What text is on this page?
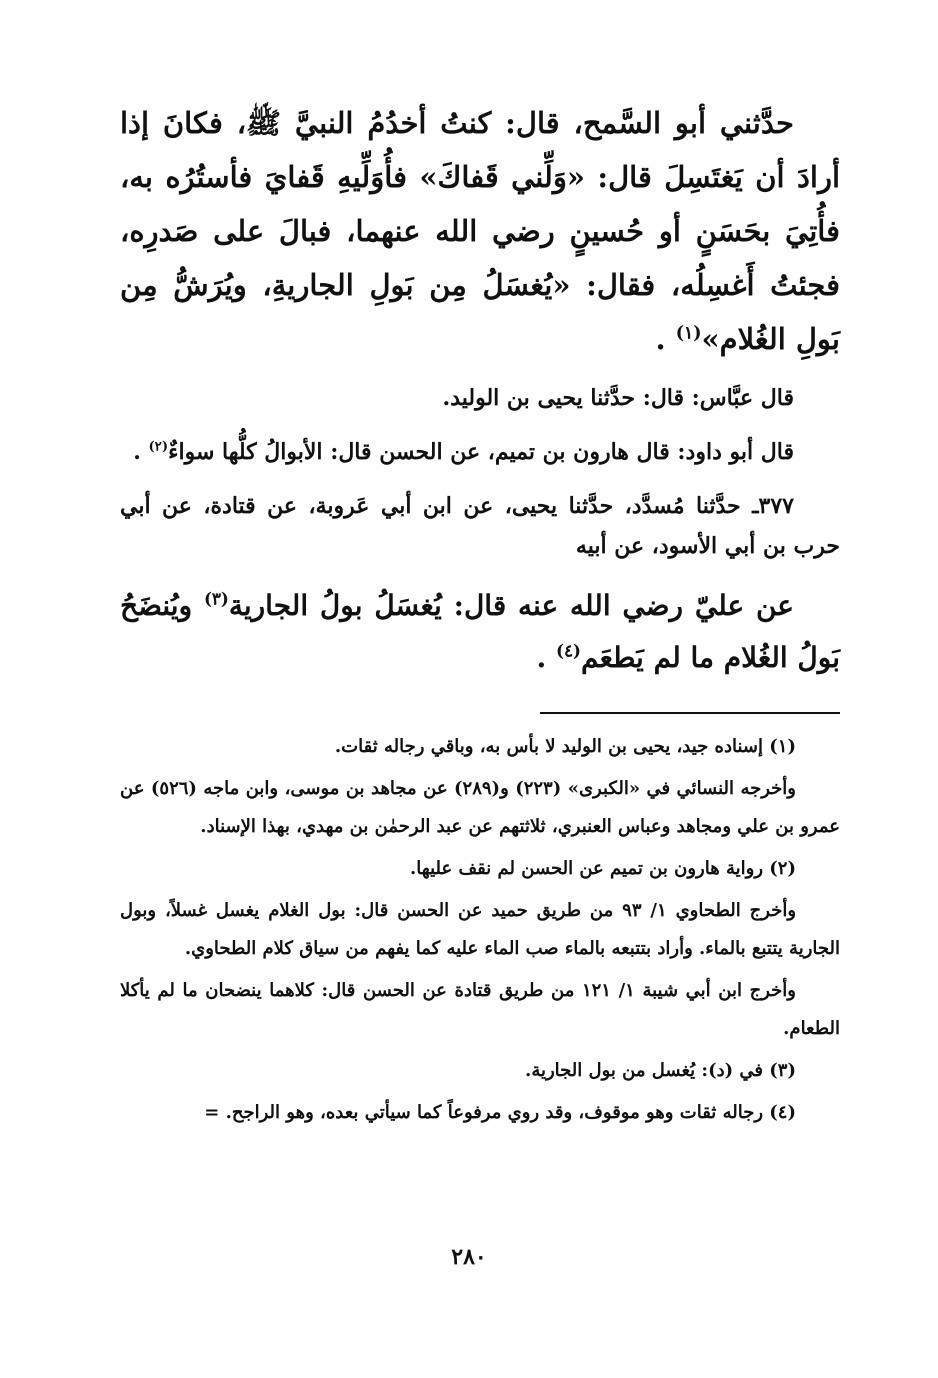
حدَّثني أبو السَّمح، قال: كنتُ أخدُمُ النبيَّ ﷺ، فكانَ إذا أرادَ أن يَغتَسِلَ قال: «وَلِّني قَفاكَ» فأُوَلِّيهِ قَفايَ فأستُرُه به، فأُتِيَ بحَسَنٍ أو حُسينٍ رضي الله عنهما، فبالَ على صَدرِه، فجئتُ أَغسِلُه، فقال: «يُغسَلُ مِن بَولِ الجاريةِ، ويُرَشُّ مِن بَولِ الغُلام»$^{(١)}$ .

قال عبَّاس: قال: حدَّثنا يحيى بن الوليد.

قال أبو داود: قال هارون بن تميم، عن الحسن قال: الأبوالُ كلُّها سواءٌ$^{(٢)}$ .

٣٧٧ـ حدَّثنا مُسدَّد، حدَّثنا يحيى، عن ابن أبي عَروبة، عن قتادة، عن أبي حرب بن أبي الأسود، عن أبيه

عن عليّ رضي الله عنه قال: يُغسَلُ بولُ الجارية$^{(٣)}$ ويُنضَحُ بَولُ الغُلام ما لم يَطعَم$^{(٤)}$ .

(١) إسناده جيد، يحيى بن الوليد لا بأس به، وباقي رجاله ثقات.

وأخرجه النسائي في «الكبرى» (٢٢٣) و(٢٨٩) عن مجاهد بن موسى، وابن ماجه (٥٢٦) عن عمرو بن علي ومجاهد وعباس العنبري، ثلاثتهم عن عبد الرحمٰن بن مهدي، بهذا الإسناد.

(٢) رواية هارون بن تميم عن الحسن لم نقف عليها.

وأخرج الطحاوي ١/ ٩٣ من طريق حميد عن الحسن قال: بول الغلام يغسل غسلاً، وبول الجارية يتتبع بالماء. وأراد بتتبعه بالماء صب الماء عليه كما يفهم من سياق كلام الطحاوي.

وأخرج ابن أبي شيبة ١/ ١٢١ من طريق قتادة عن الحسن قال: كلاهما ينضحان ما لم يأكلا الطعام.

(٣) في (د): يُغسل من بول الجارية.

(٤) رجاله ثقات وهو موقوف، وقد روي مرفوعاً كما سيأتي بعده، وهو الراجح. =

٢٨٠
